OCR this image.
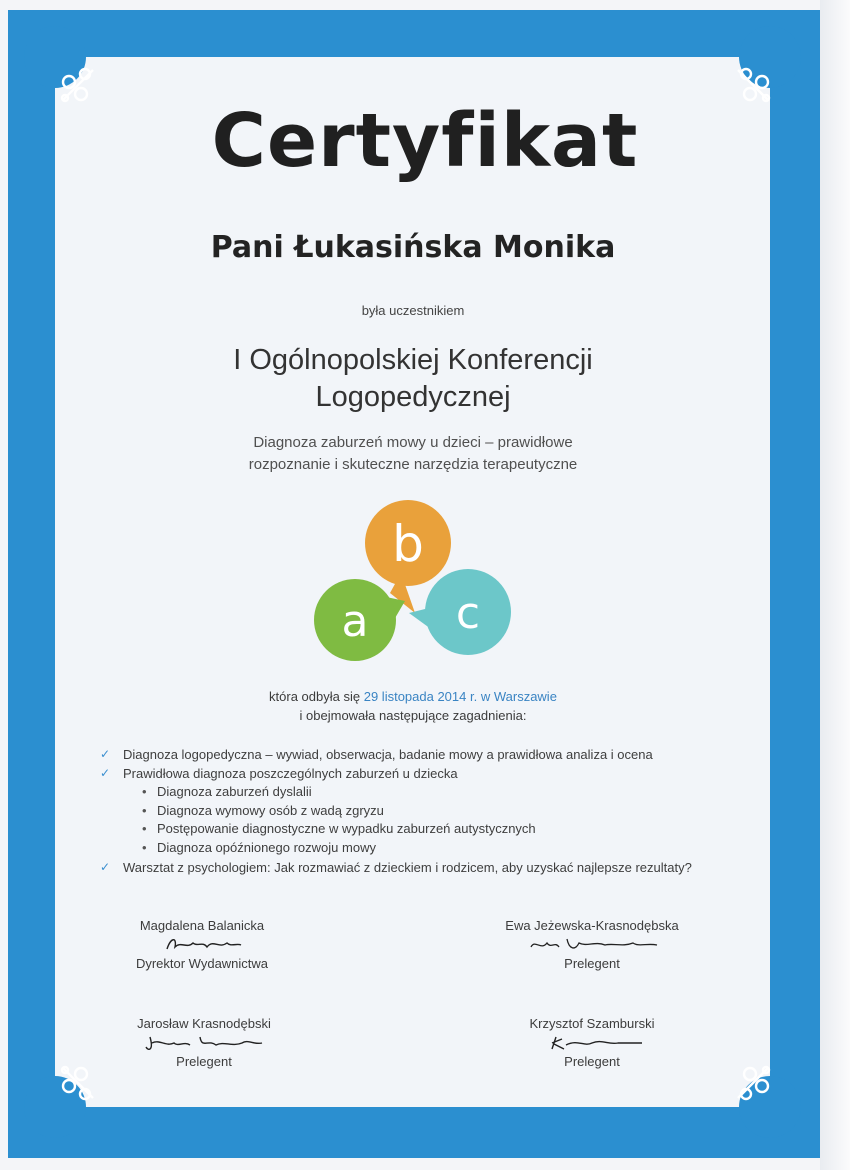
Certyfikat
Pani Łukasińska Monika
była uczestnikiem
I Ogólnopolskiej Konferencji
Logopedycznej
Diagnoza zaburzeń mowy u dzieci – prawidłowe
rozpoznanie i skuteczne narzędzia terapeutyczne
b
a c
która odbyła się 29 listopada 2014 r. w Warszawie
i obejmowała następujące zagadnienia:
✓ Diagnoza logopedyczna – wywiad, obserwacja, badanie mowy a prawidłowa analiza i ocena
✓ Prawidłowa diagnoza poszczególnych zaburzeń u dziecka
• Diagnoza zaburzeń dyslalii
• Diagnoza wymowy osób z wadą zgryzu
• Postępowanie diagnostyczne w wypadku zaburzeń autystycznych
• Diagnoza opóźnionego rozwoju mowy
✓ Warsztat z psychologiem: Jak rozmawiać z dzieckiem i rodzicem, aby uzyskać najlepsze rezultaty?
Magdalena Balanicka
Dyrektor Wydawnictwa
Ewa Jeżewska-Krasnodębska
Prelegent
Jarosław Krasnodębski
Prelegent
Krzysztof Szamburski
Prelegent
